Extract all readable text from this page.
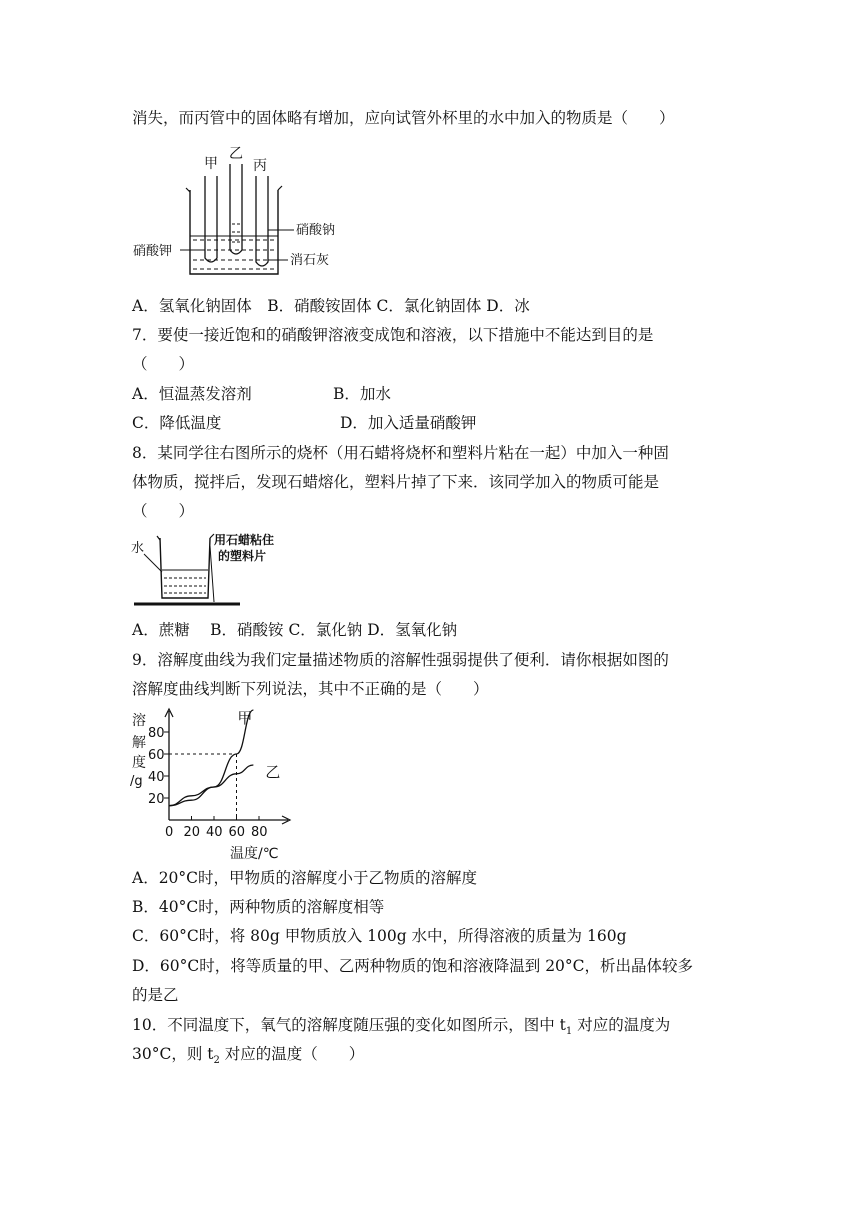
消失，而丙管中的固体略有增加，应向试管外杯里的水中加入的物质是（　　）
甲
乙
丙
硝酸钠
硝酸钾
消石灰
A．氢氧化钠固体　B．硝酸铵固体 C．氯化钠固体 D．冰
7．要使一接近饱和的硝酸钾溶液变成饱和溶液，以下措施中不能达到目的是
（　　）
A．恒温蒸发溶剂	B．加水
C．降低温度	D．加入适量硝酸钾
8．某同学往右图所示的烧杯（用石蜡将烧杯和塑料片粘在一起）中加入一种固
体物质，搅拌后，发现石蜡熔化，塑料片掉了下来．该同学加入的物质可能是
（　　）
水
用石蜡粘住
的塑料片
A．蔗糖　 B．硝酸铵 C．氯化钠 D．氢氧化钠
9．溶解度曲线为我们定量描述物质的溶解性强弱提供了便利．请你根据如图的
溶解度曲线判断下列说法，其中不正确的是（　　）
溶
解
度
/g
0 20 40 60 80
20
40
60
80
甲
乙
温度/℃
A．20°C时，甲物质的溶解度小于乙物质的溶解度
B．40°C时，两种物质的溶解度相等
C．60°C时，将 80g 甲物质放入 100g 水中，所得溶液的质量为 160g
D．60°C时，将等质量的甲、乙两种物质的饱和溶液降温到 20°C，析出晶体较多
的是乙
10．不同温度下，氧气的溶解度随压强的变化如图所示，图中 $t_1$ 对应的温度为
30°C，则 $t_2$ 对应的温度（　　）
